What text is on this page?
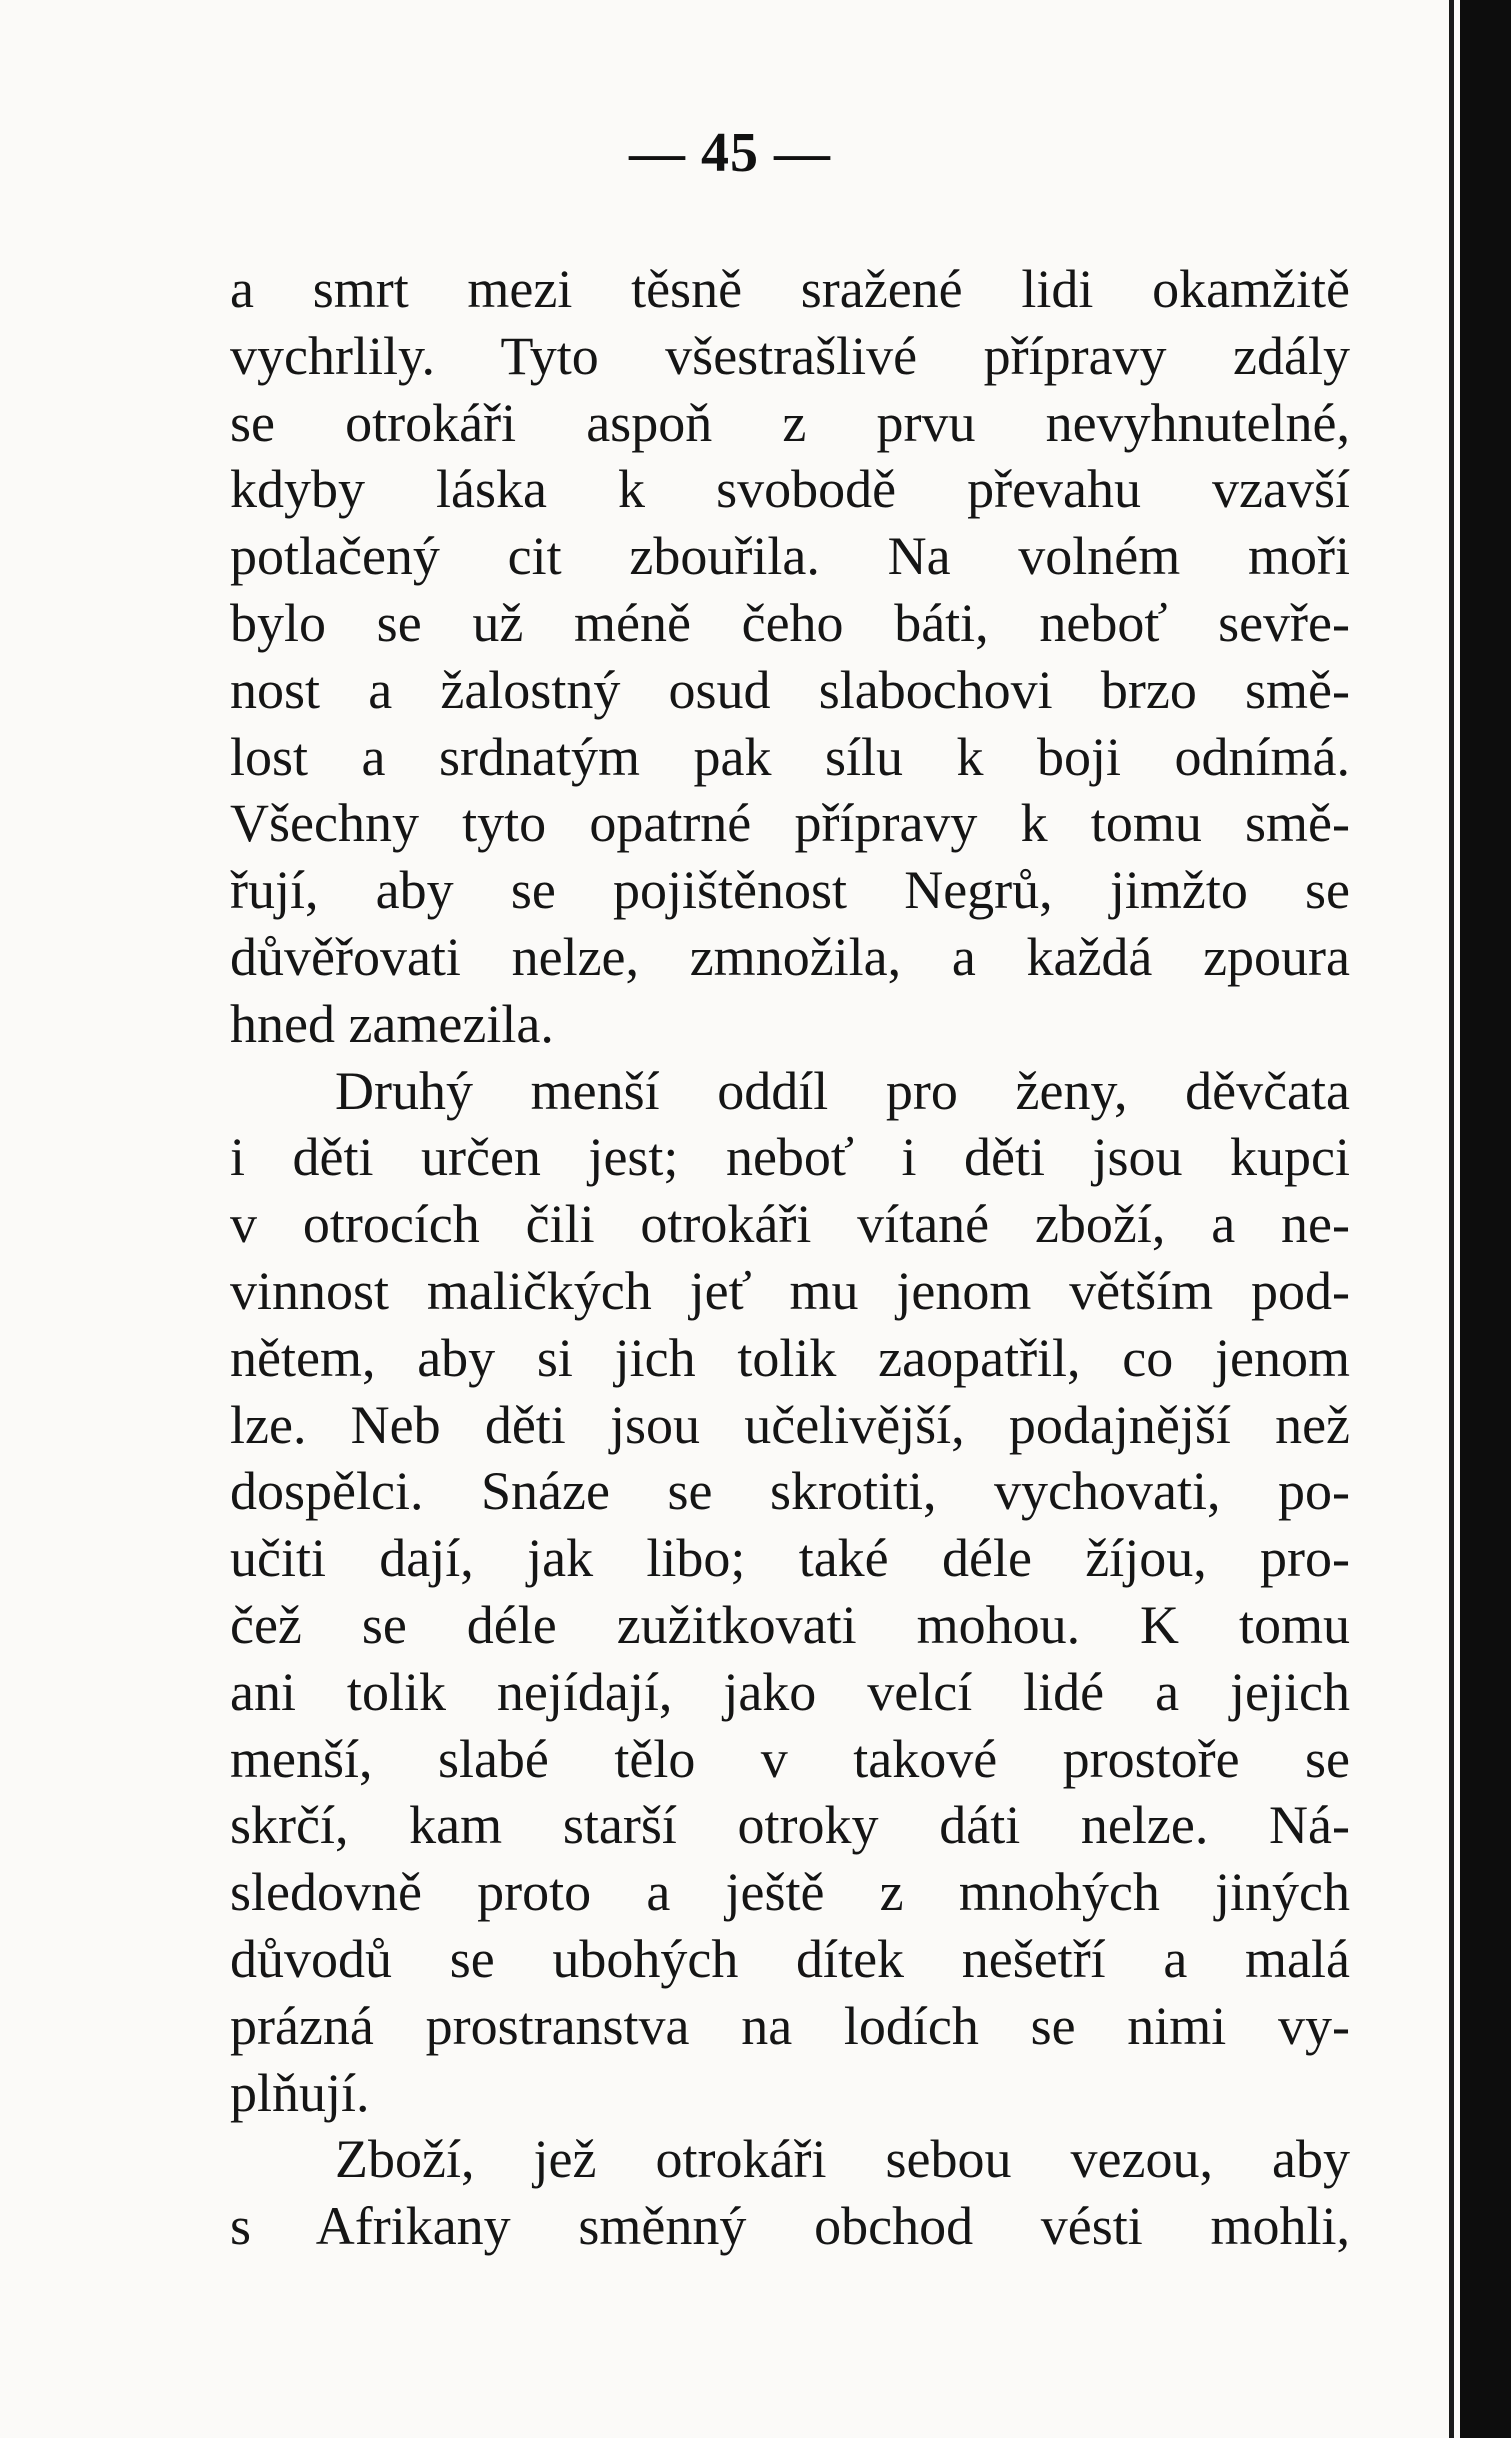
— 45 —
a smrt mezi těsně sražené lidi okamžitě
vychrlily. Tyto všestrašlivé přípravy zdály
se otrokáři aspoň z prvu nevyhnutelné,
kdyby láska k svobodě převahu vzavší
potlačený cit zbouřila. Na volném moři
bylo se už méně čeho báti, neboť sevře-
nost a žalostný osud slabochovi brzo smě-
lost a srdnatým pak sílu k boji odnímá.
Všechny tyto opatrné přípravy k tomu smě-
řují, aby se pojištěnost Negrů, jimžto se
důvěřovati nelze, zmnožila, a každá zpoura
hned zamezila.
Druhý menší oddíl pro ženy, děvčata
i děti určen jest; neboť i děti jsou kupci
v otrocích čili otrokáři vítané zboží, a ne-
vinnost maličkých jeť mu jenom větším pod-
nětem, aby si jich tolik zaopatřil, co jenom
lze. Neb děti jsou učelivější, podajnější než
dospělci. Snáze se skrotiti, vychovati, po-
učiti dají, jak libo; také déle žíjou, pro-
čež se déle zužitkovati mohou. K tomu
ani tolik nejídají, jako velcí lidé a jejich
menší, slabé tělo v takové prostoře se
skrčí, kam starší otroky dáti nelze. Ná-
sledovně proto a ještě z mnohých jiných
důvodů se ubohých dítek nešetří a malá
prázná prostranstva na lodích se nimi vy-
plňují.
Zboží, jež otrokáři sebou vezou, aby
s Afrikany směnný obchod vésti mohli,
